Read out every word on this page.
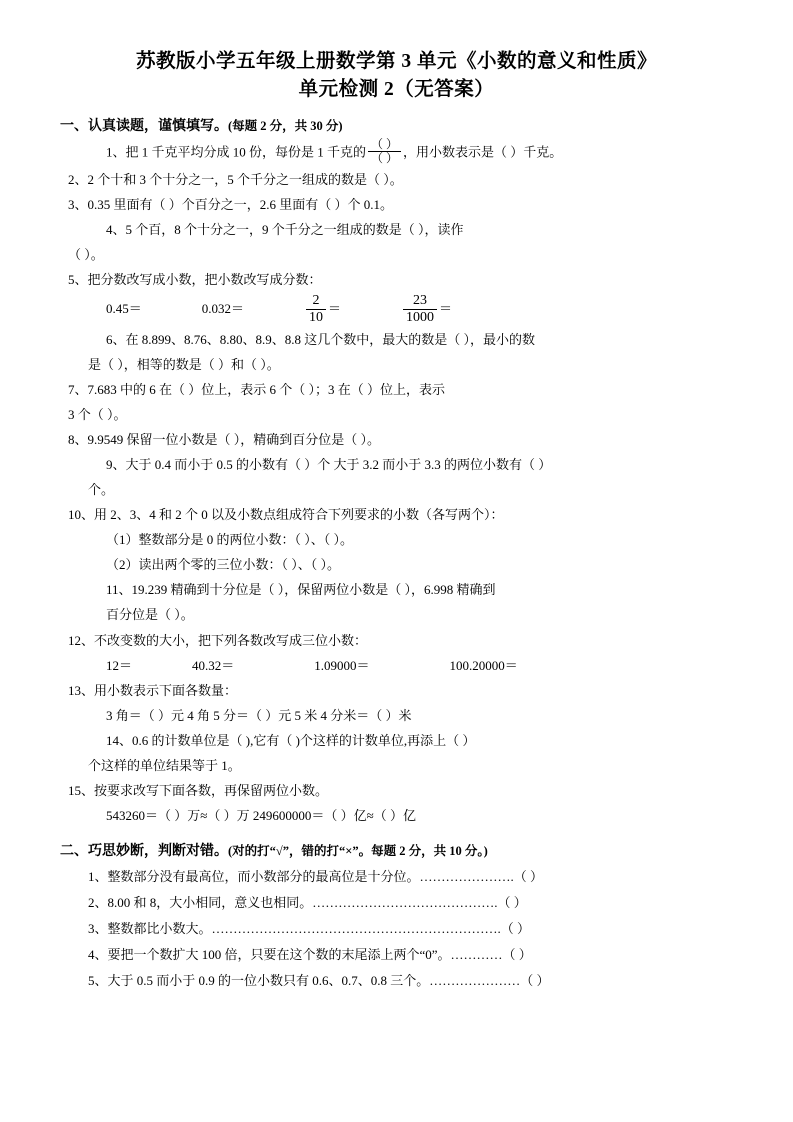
苏教版小学五年级上册数学第 3 单元《小数的意义和性质》
单元检测 2（无答案）
一、认真读题，谨慎填写。(每题 2 分，共 30 分)
1、把 1 千克平均分成 10 份，每份是 1 千克的 $\frac{( )}{( )}$ ，用小数表示是（ ）千克。
2、2 个十和 3 个十分之一，5 个千分之一组成的数是（ ）。
3、0.35 里面有（ ）个百分之一，2.6 里面有（ ）个 0.1。
4、5 个百，8 个十分之一，9 个千分之一组成的数是（ ），读作
（ ）。
5、把分数改写成小数，把小数改写成分数：
0.45＝	0.032＝	$\frac{2}{10}$ ＝	$\frac{23}{1000}$ ＝
6、在 8.899、8.76、8.80、8.9、8.8 这几个数中，最大的数是（ ），最小的数
是（ ），相等的数是（ ）和（ ）。
7、7.683 中的 6 在（ ）位上，表示 6 个（ ）；3 在（ ）位上，表示
3 个（ ）。
8、9.9549 保留一位小数是（ ），精确到百分位是（ ）。
9、大于 0.4 而小于 0.5 的小数有（ ）个 大于 3.2 而小于 3.3 的两位小数有（ ）
个。
10、用 2、3、4 和 2 个 0 以及小数点组成符合下列要求的小数（各写两个）：
（1）整数部分是 0 的两位小数：（ ）、（ ）。
（2）读出两个零的三位小数：（ ）、（ ）。
11、19.239 精确到十分位是（ ），保留两位小数是（ ），6.998 精确到
百分位是（ ）。
12、不改变数的大小，把下列各数改写成三位小数：
12＝	40.32＝	1.09000＝	100.20000＝
13、用小数表示下面各数量：
3 角＝（ ）元 4 角 5 分＝（ ）元 5 米 4 分米＝（ ）米
14、0.6 的计数单位是（ ),它有（ )个这样的计数单位,再添上（ ）
个这样的单位结果等于 1。
15、按要求改写下面各数，再保留两位小数。
543260＝（ ）万≈（ ）万 249600000＝（ ）亿≈（ ）亿
二、巧思妙断，判断对错。(对的打“√”，错的打“×”。每题 2 分，共 10 分。)
1、整数部分没有最高位，而小数部分的最高位是十分位。………………….（ ）
2、8.00 和 8，大小相同，意义也相同。…………………………………….（ ）
3、整数都比小数大。………………………………………………………….（ ）
4、要把一个数扩大 100 倍，只要在这个数的末尾添上两个“0”。…………（ ）
5、大于 0.5 而小于 0.9 的一位小数只有 0.6、0.7、0.8 三个。…………………（ ）
